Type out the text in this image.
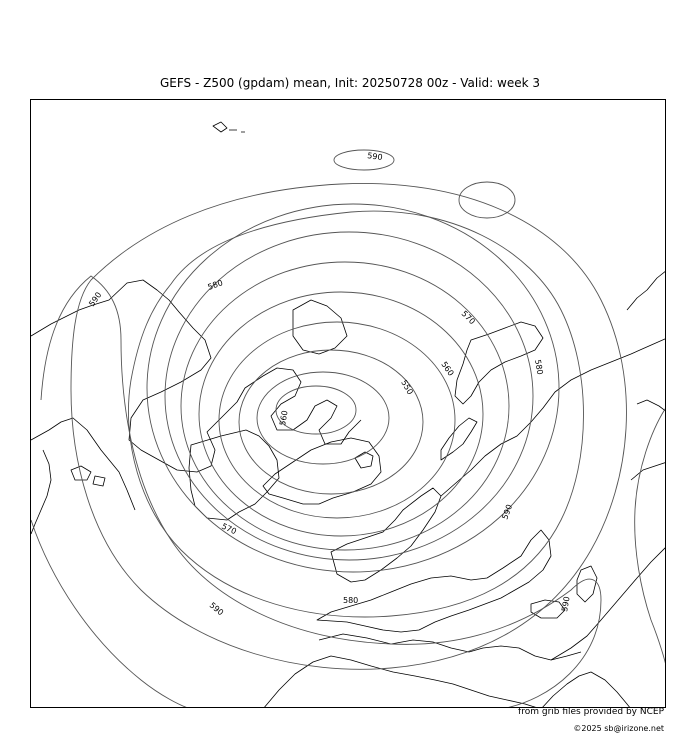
GEFS - Z500 (gpdam) mean, Init: 20250728 00z - Valid: week 3
590
590
580
570
560
550
580
570
560
580
590	590
590
from grib files provided by NCEP
©2025 sb@irizone.net
